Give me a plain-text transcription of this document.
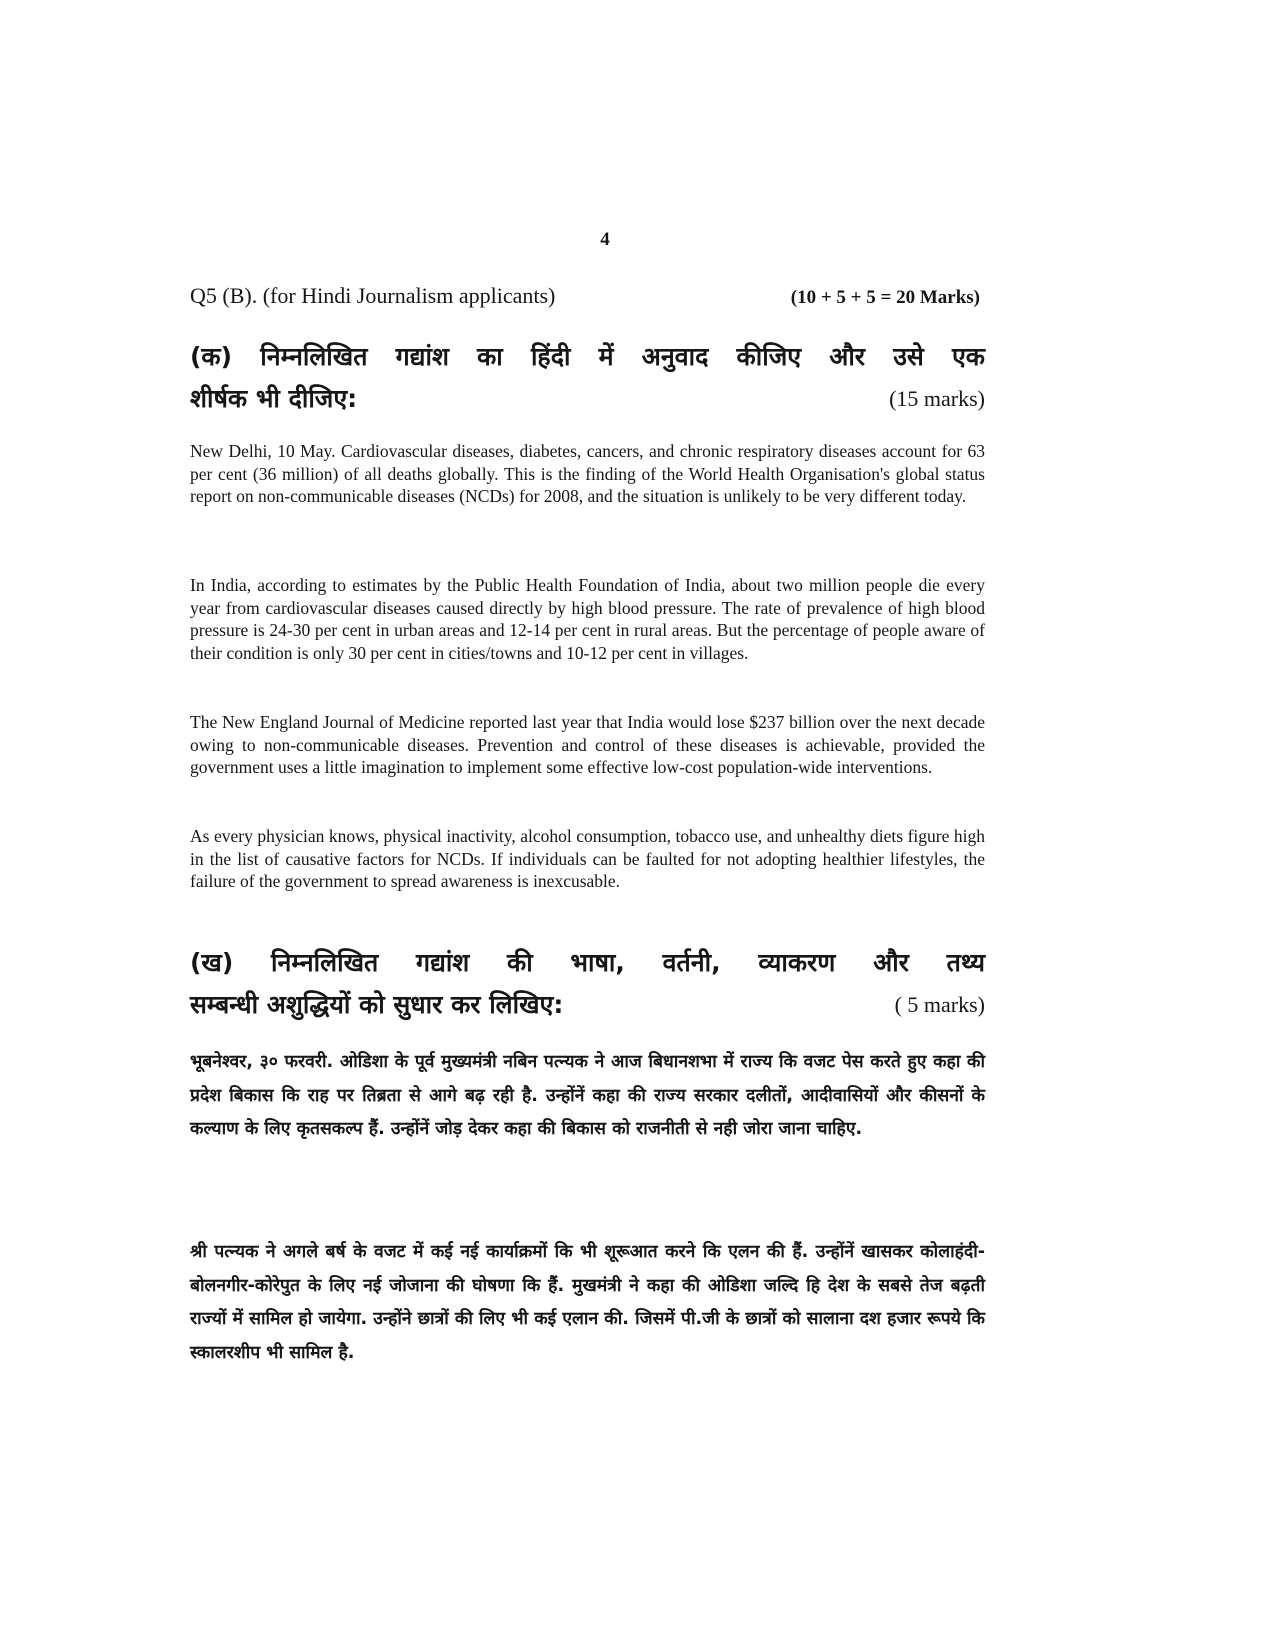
4
Q5 (B). (for Hindi Journalism applicants)	(10 + 5 + 5 = 20 Marks)
(क) निम्नलिखित गद्यांश का हिंदी में अनुवाद कीजिए और उसे एक
शीर्षक भी दीजिए:	(15 marks)
New Delhi, 10 May. Cardiovascular diseases, diabetes, cancers, and chronic respiratory diseases account for 63 per cent (36 million) of all deaths globally. This is the finding of the World Health Organisation's global status report on non-communicable diseases (NCDs) for 2008, and the situation is unlikely to be very different today.
In India, according to estimates by the Public Health Foundation of India, about two million people die every year from cardiovascular diseases caused directly by high blood pressure. The rate of prevalence of high blood pressure is 24-30 per cent in urban areas and 12-14 per cent in rural areas. But the percentage of people aware of their condition is only 30 per cent in cities/towns and 10-12 per cent in villages.
The New England Journal of Medicine reported last year that India would lose $237 billion over the next decade owing to non-communicable diseases. Prevention and control of these diseases is achievable, provided the government uses a little imagination to implement some effective low-cost population-wide interventions.
As every physician knows, physical inactivity, alcohol consumption, tobacco use, and unhealthy diets figure high in the list of causative factors for NCDs. If individuals can be faulted for not adopting healthier lifestyles, the failure of the government to spread awareness is inexcusable.
(ख) निम्नलिखित गद्यांश की भाषा, वर्तनी, व्याकरण और तथ्य
सम्बन्धी अशुद्धियों को सुधार कर लिखिए:	( 5 marks)
भूबनेश्वर, ३० फरवरी. ओडिशा के पूर्व मुख्यमंत्री नबिन पत्न्यक ने आज बिधानशभा में राज्य कि वजट पेस करते हुए कहा की प्रदेश बिकास कि राह पर तिब्रता से आगे बढ़ रही है. उन्होंनें कहा की राज्य सरकार दलीतों, आदीवासियों और कीसनों के कल्याण के लिए कृतसकल्प हैं. उन्होंनें जोड़ देकर कहा की बिकास को राजनीती से नही जोरा जाना चाहिए.
श्री पत्न्यक ने अगले बर्ष के वजट में कई नई कार्याक्रमों कि भी शूरूआत करने कि एलन की हैं. उन्होंनें खासकर कोलाहंदी-बोलनगीर-कोरेपुत के लिए नई जोजाना की घोषणा कि हैं. मुखमंत्री ने कहा की ओडिशा जल्दि हि देश के सबसे तेज बढ़ती राज्यों में सामिल हो जायेगा. उन्होंने छात्रों की लिए भी कई एलान की. जिसमें पी.जी के छात्रों को सालाना दश हजार रूपये कि स्कालरशीप भी सामिल है.
